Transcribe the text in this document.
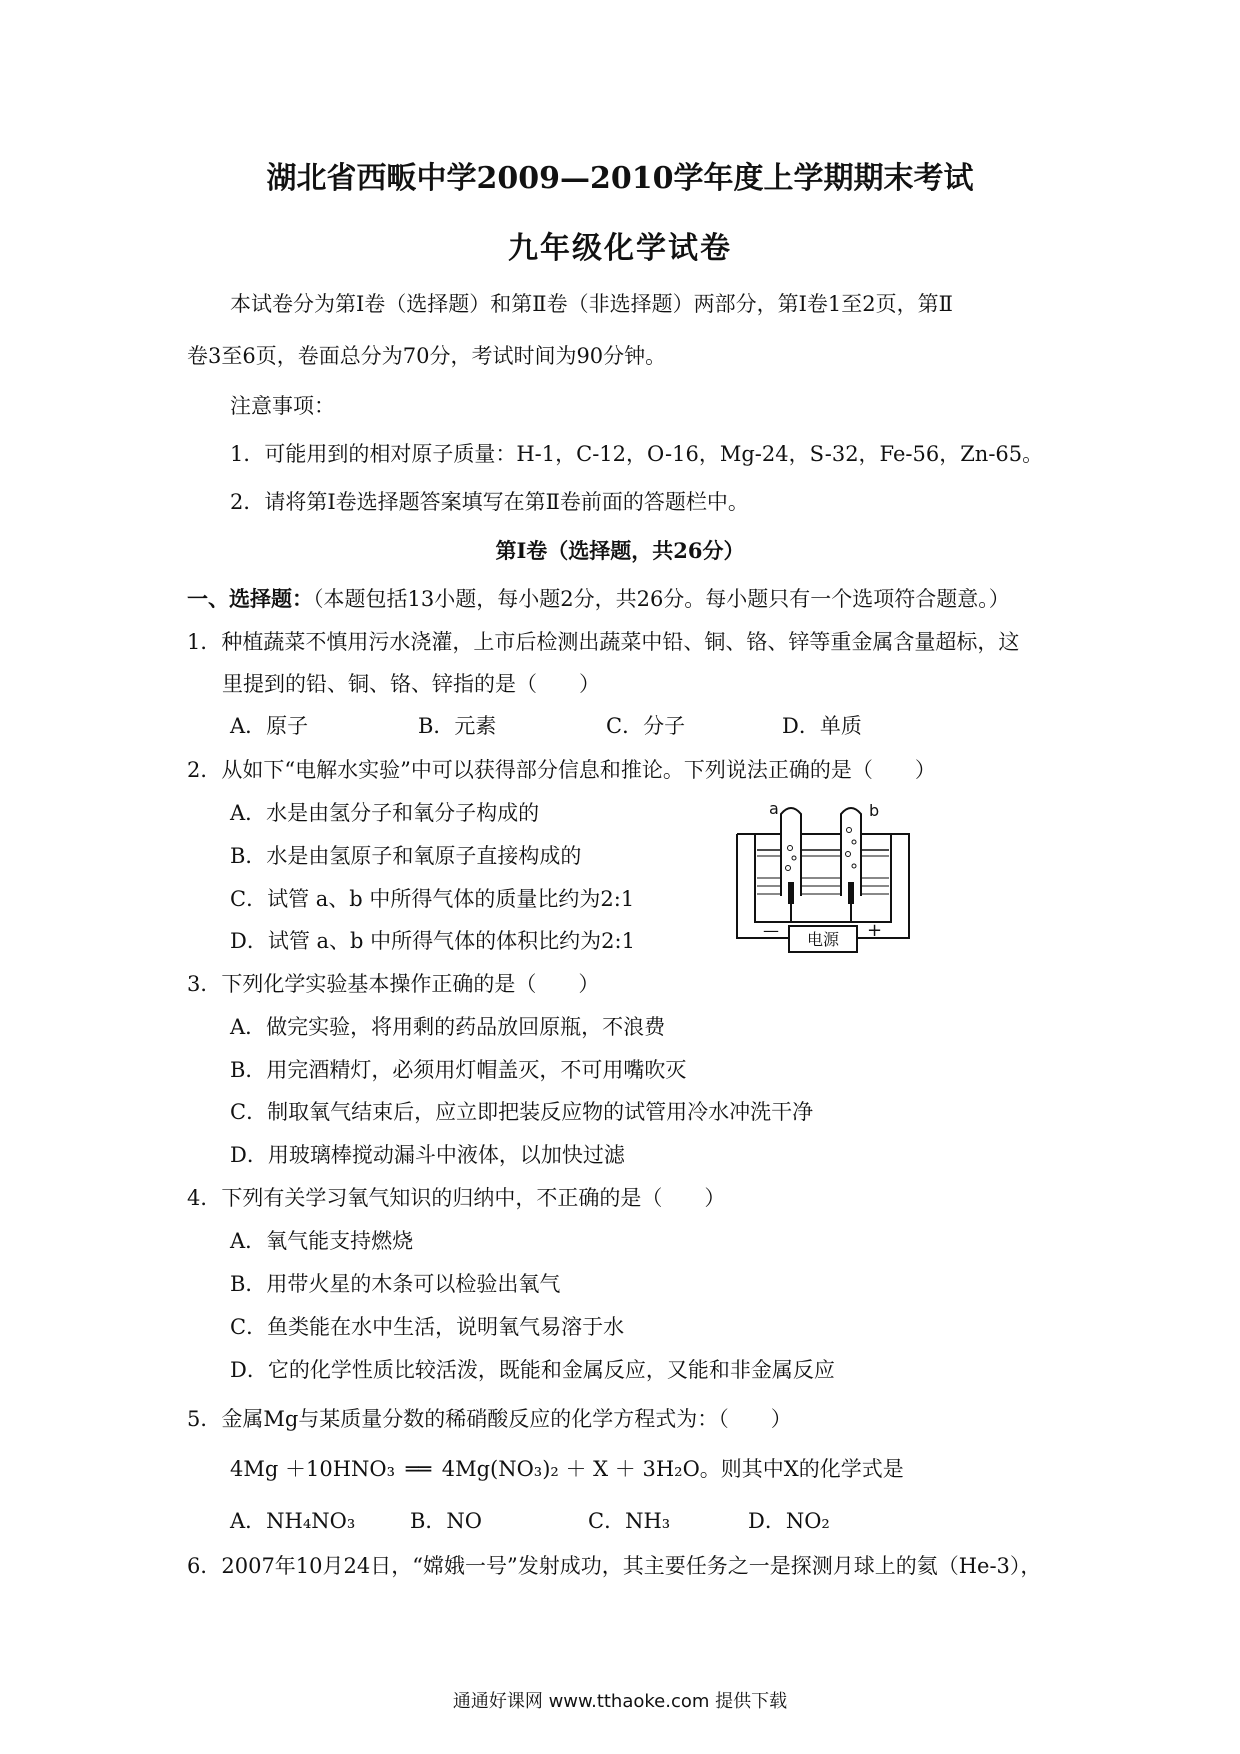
湖北省西畈中学2009—2010学年度上学期期末考试
九年级化学试卷
本试卷分为第Ⅰ卷（选择题）和第Ⅱ卷（非选择题）两部分，第Ⅰ卷1至2页，第Ⅱ
卷3至6页，卷面总分为70分，考试时间为90分钟。
注意事项：
1．可能用到的相对原子质量：H-1，C-12，O-16，Mg-24，S-32，Fe-56，Zn-65。
2．请将第Ⅰ卷选择题答案填写在第Ⅱ卷前面的答题栏中。
第Ⅰ卷（选择题，共26分）
一、选择题：（本题包括13小题，每小题2分，共26分。每小题只有一个选项符合题意。）
1．种植蔬菜不慎用污水浇灌，上市后检测出蔬菜中铅、铜、铬、锌等重金属含量超标，这
里提到的铅、铜、铬、锌指的是（　　）
A．原子	B．元素	C．分子	D．单质
2．从如下“电解水实验”中可以获得部分信息和推论。下列说法正确的是（　　）
A．水是由氢分子和氧分子构成的
B．水是由氢原子和氧原子直接构成的
C．试管 a、b 中所得气体的质量比约为2:1
D．试管 a、b 中所得气体的体积比约为2:1	电源
a	b
—	+
3．下列化学实验基本操作正确的是（　　）
A．做完实验，将用剩的药品放回原瓶，不浪费
B．用完酒精灯，必须用灯帽盖灭，不可用嘴吹灭
C．制取氧气结束后，应立即把装反应物的试管用冷水冲洗干净
D．用玻璃棒搅动漏斗中液体，以加快过滤
4．下列有关学习氧气知识的归纳中，不正确的是（　　）
A．氧气能支持燃烧
B．用带火星的木条可以检验出氧气
C．鱼类能在水中生活，说明氧气易溶于水
D．它的化学性质比较活泼，既能和金属反应，又能和非金属反应
5．金属Mg与某质量分数的稀硝酸反应的化学方程式为：（　　）
4Mg ＋10HNO₃ ══ 4Mg(NO₃)₂ ＋ X ＋ 3H₂O。则其中X的化学式是
A．NH₄NO₃	B．NO	C．NH₃	D．NO₂
6．2007年10月24日，“嫦娥一号”发射成功，其主要任务之一是探测月球上的氦（He-3），
通通好课网 www.tthaoke.com 提供下载
